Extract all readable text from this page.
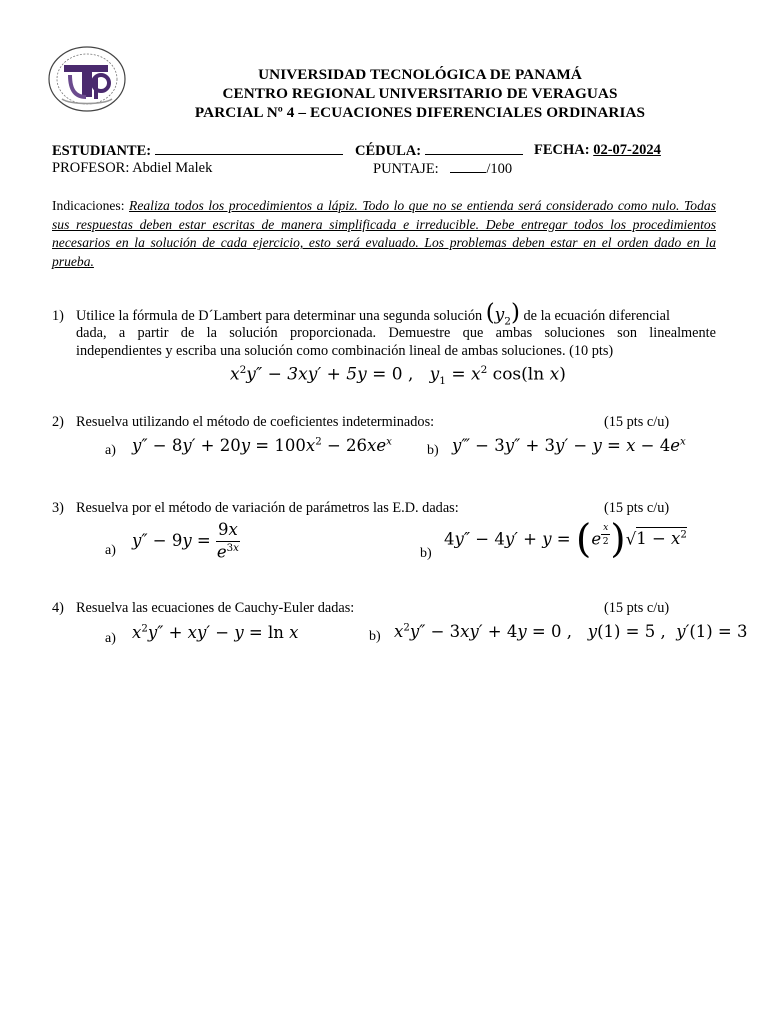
UNIVERSIDAD TECNOLÓGICA DE PANAMÁ
CENTRO REGIONAL UNIVERSITARIO DE VERAGUAS
PARCIAL Nº 4 – ECUACIONES DIFERENCIALES ORDINARIAS
ESTUDIANTE:	CÉDULA:	FECHA: 02-07-2024
PROFESOR: Abdiel Malek	PUNTAJE:	/100
Indicaciones: Realiza todos los procedimientos a lápiz. Todo lo que no se entienda será considerado como nulo. Todas sus respuestas deben estar escritas de manera simplificada e irreducible. Debe entregar todos los procedimientos necesarios en la solución de cada ejercicio, esto será evaluado. Los problemas deben estar en el orden dado en la prueba.
1) Utilice la fórmula de D´Lambert para determinar una segunda solución $(y_2)$ de la ecuación diferencial
dada, a partir de la solución proporcionada. Demuestre que ambas soluciones son linealmente
independientes y escriba una solución como combinación lineal de ambas soluciones. (10 pts)
$x^2y'' - 3xy' + 5y = 0$ ,   $y_1 = x^2$ cos(ln x)
2) Resuelva utilizando el método de coeficientes indeterminados:	(15 pts c/u)
a) $y'' - 8y' + 20y = 100x^2 - 26xe^x$
b) y‴ − $3y'' + 3y' - y = x - 4e^x$
3) Resuelva por el método de variación de parámetros las E.D. dadas:	(15 pts c/u)
a)
$y'' - 9y = \frac{9x}{e^{3x}}$	b)
4y″ − 4y′ + y = (e $^{\frac{x}{2}}$ )$√1 - x^2$
4) Resuelva las ecuaciones de Cauchy-Euler dadas:	(15 pts c/u)
a) $x^2y'' + xy' - y = \ln x$	b) $x^2y'' - 3xy' + 4y = 0$ ,   y(1) = 5 ,  y′(1) = 3
